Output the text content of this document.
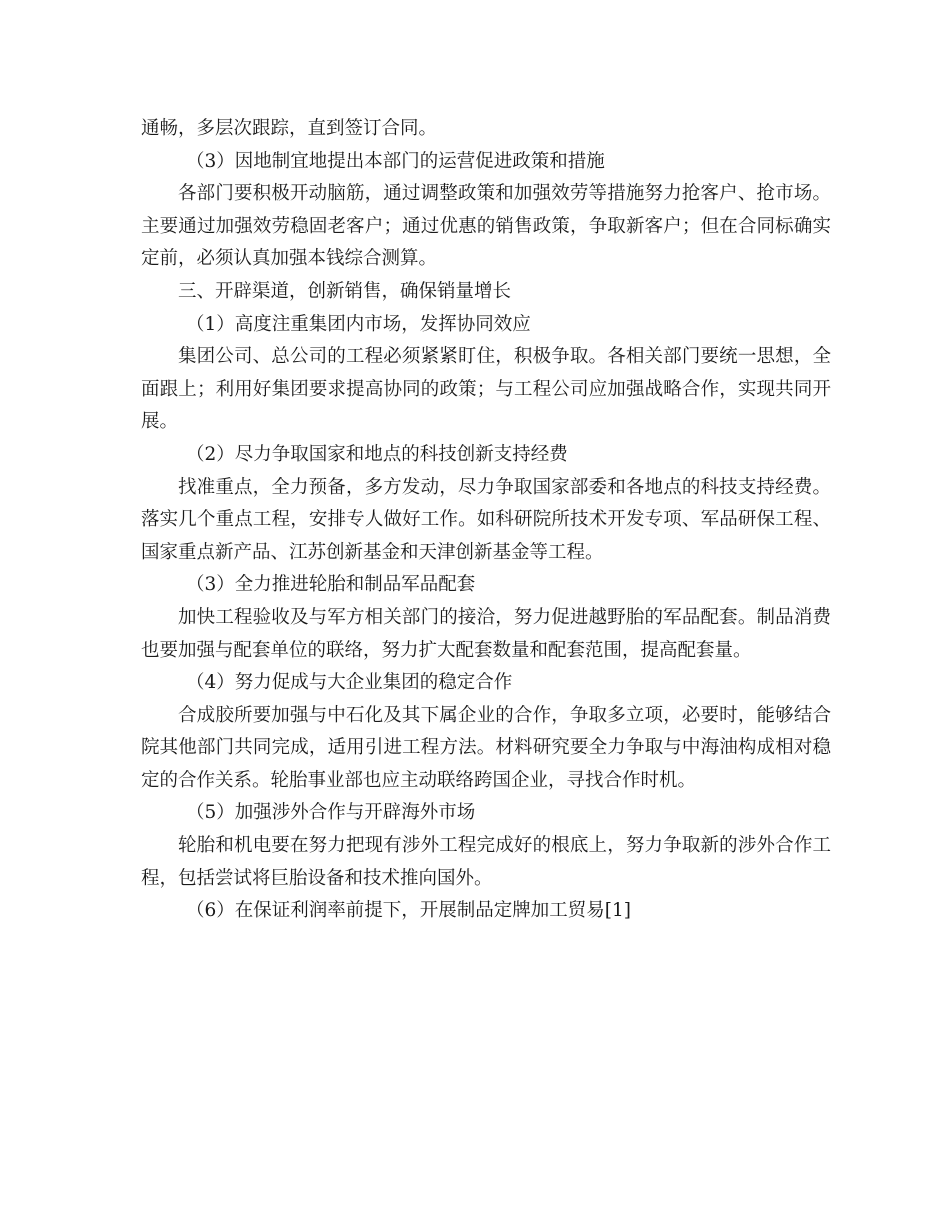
通畅，多层次跟踪，直到签订合同。

（3）因地制宜地提出本部门的运营促进政策和措施

各部门要积极开动脑筋，通过调整政策和加强效劳等措施努力抢客户、抢市场。主要通过加强效劳稳固老客户；通过优惠的销售政策，争取新客户；但在合同标确实定前，必须认真加强本钱综合测算。

三、开辟渠道，创新销售，确保销量增长

（1）高度注重集团内市场，发挥协同效应

集团公司、总公司的工程必须紧紧盯住，积极争取。各相关部门要统一思想，全面跟上；利用好集团要求提高协同的政策；与工程公司应加强战略合作，实现共同开展。

（2）尽力争取国家和地点的科技创新支持经费

找准重点，全力预备，多方发动，尽力争取国家部委和各地点的科技支持经费。落实几个重点工程，安排专人做好工作。如科研院所技术开发专项、军品研保工程、国家重点新产品、江苏创新基金和天津创新基金等工程。

（3）全力推进轮胎和制品军品配套

加快工程验收及与军方相关部门的接洽，努力促进越野胎的军品配套。制品消费也要加强与配套单位的联络，努力扩大配套数量和配套范围，提高配套量。

（4）努力促成与大企业集团的稳定合作

合成胶所要加强与中石化及其下属企业的合作，争取多立项，必要时，能够结合院其他部门共同完成，适用引进工程方法。材料研究要全力争取与中海油构成相对稳定的合作关系。轮胎事业部也应主动联络跨国企业，寻找合作时机。

（5）加强涉外合作与开辟海外市场

轮胎和机电要在努力把现有涉外工程完成好的根底上，努力争取新的涉外合作工程，包括尝试将巨胎设备和技术推向国外。

（6）在保证利润率前提下，开展制品定牌加工贸易[1]
